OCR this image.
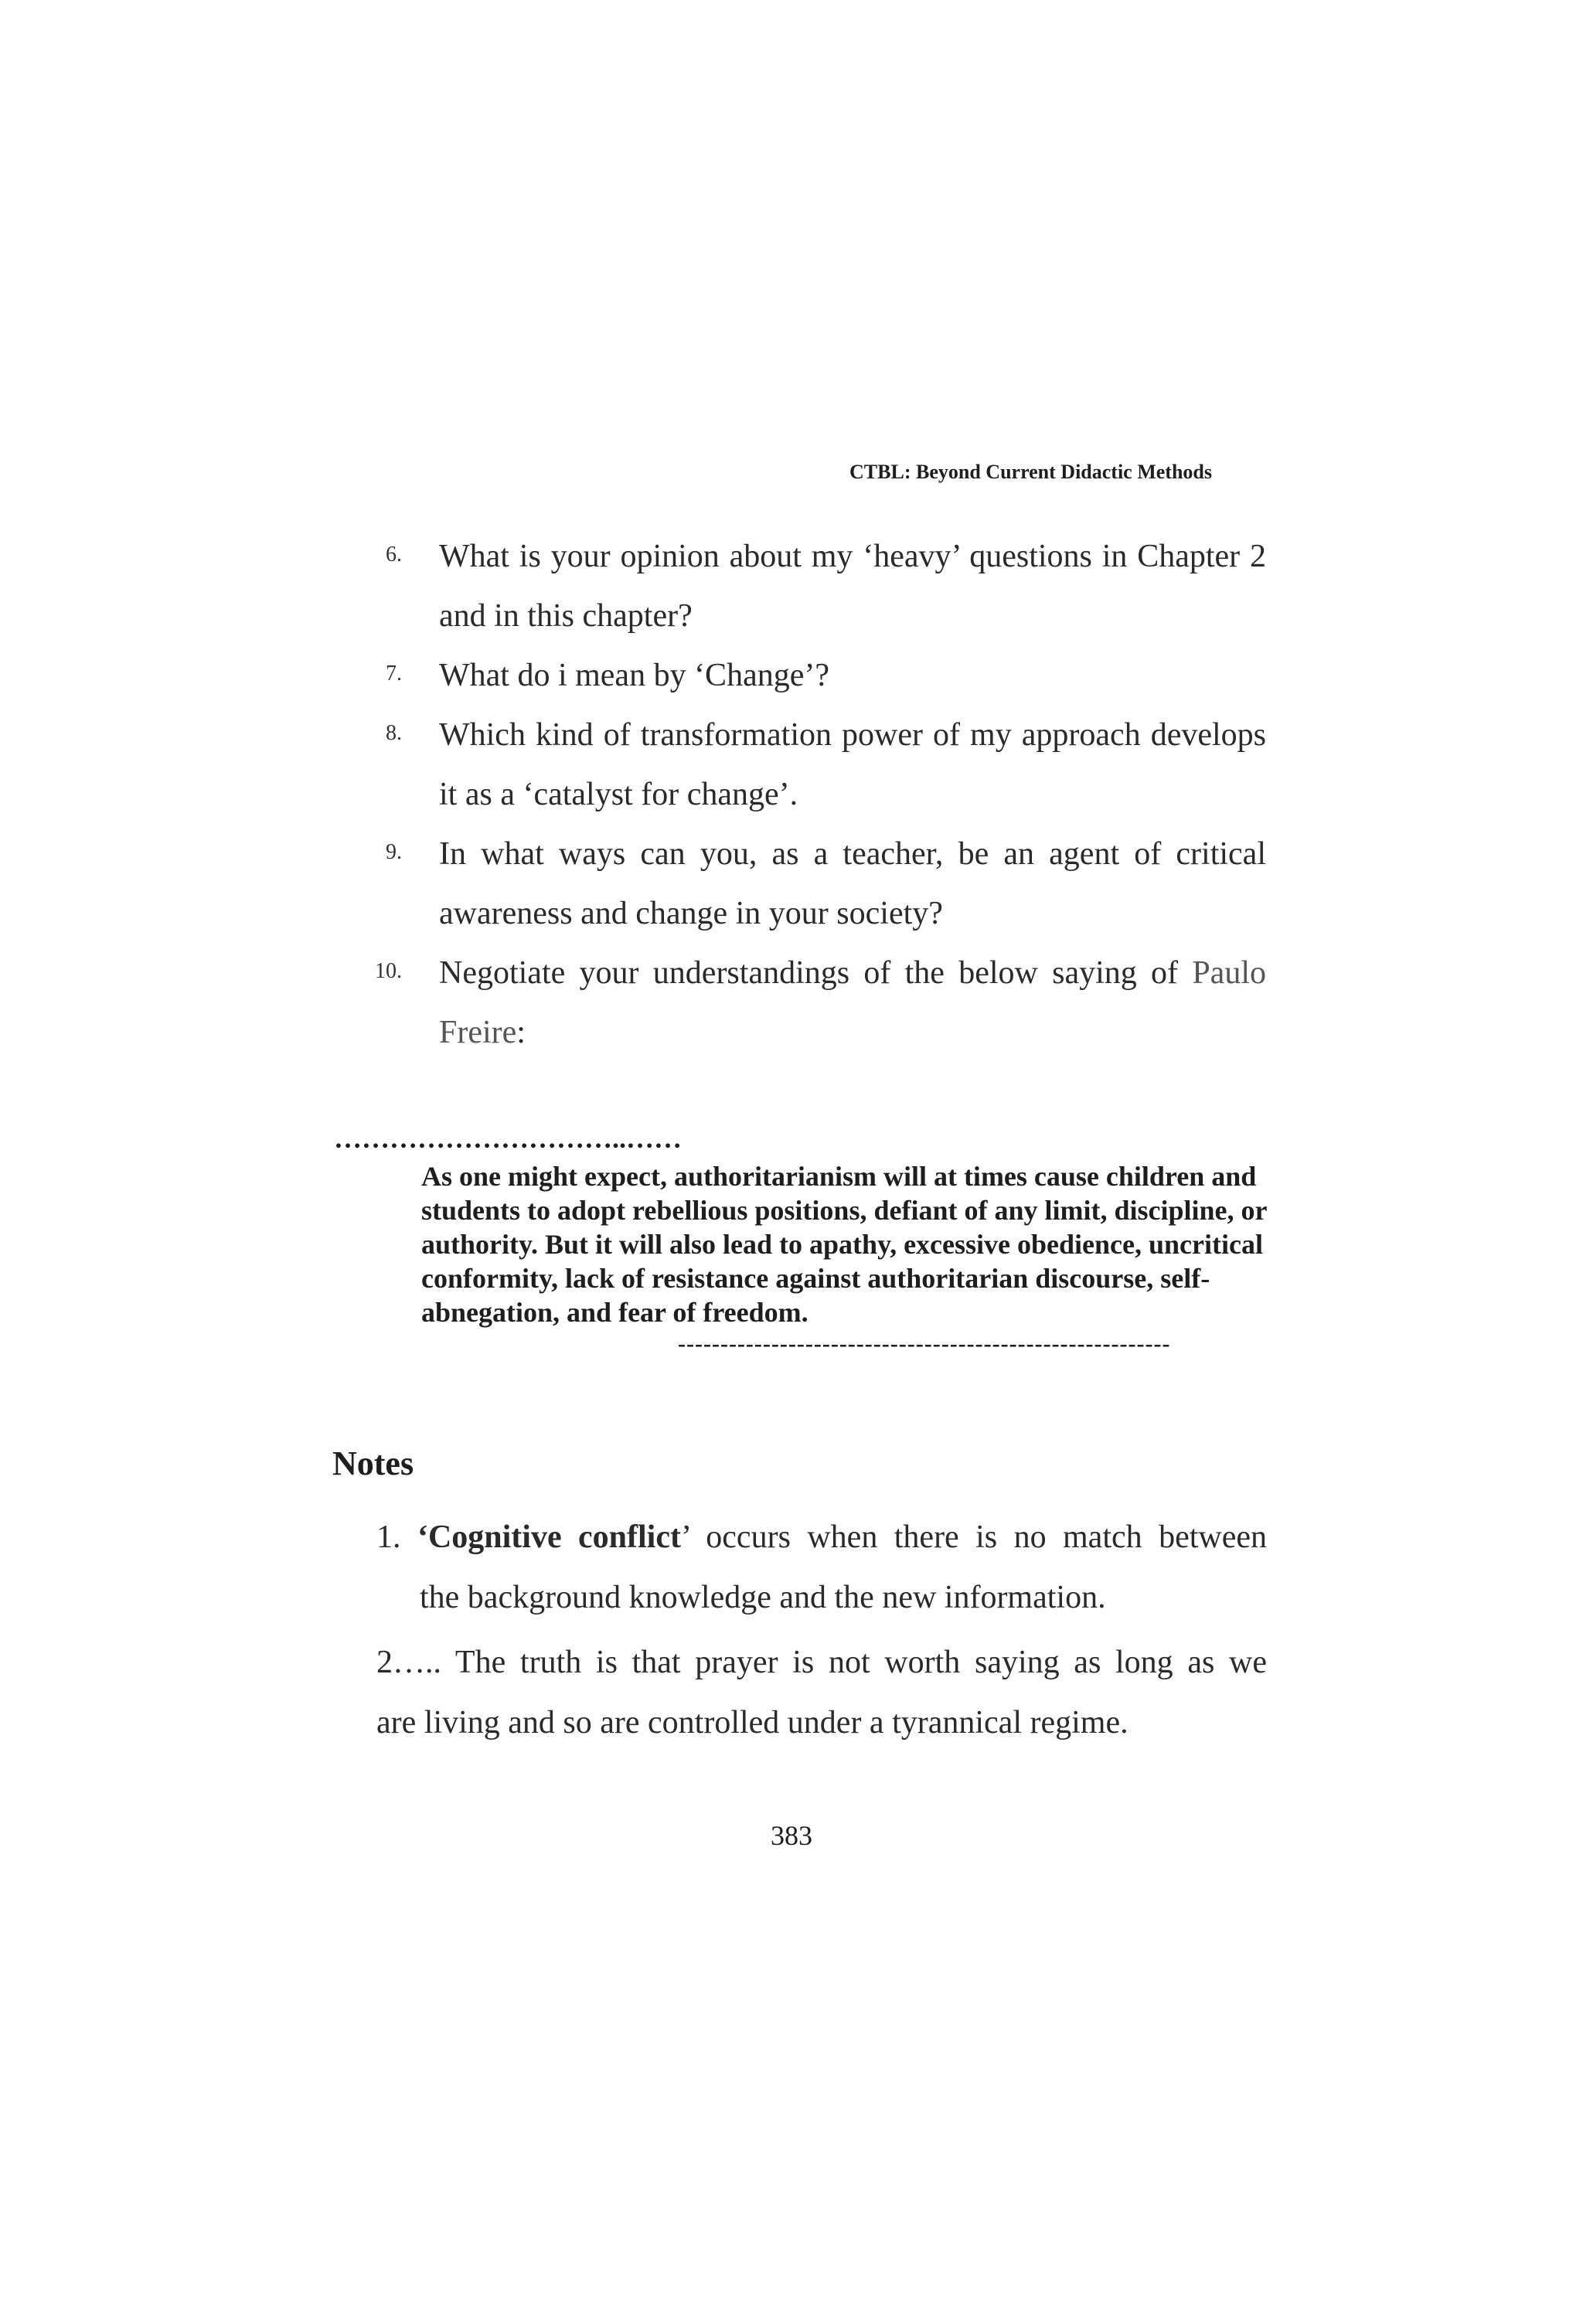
CTBL: Beyond Current Didactic Methods
6. What is your opinion about my ‘heavy’ questions in Chapter 2 and in this chapter?
7. What do i mean by ‘Change’?
8. Which kind of transformation power of my approach develops it as a ‘catalyst for change’.
9. In what ways can you, as a teacher, be an agent of critical awareness and change in your society?
10. Negotiate your understandings of the below saying of Paulo Freire:
…………………………..……
As one might expect, authoritarianism will at times cause children and students to adopt rebellious positions, defiant of any limit, discipline, or authority. But it will also lead to apathy, excessive obedience, uncritical conformity, lack of resistance against authoritarian discourse, self-abnegation, and fear of freedom.
----------------------------------------------------------
Notes
1. ‘Cognitive conflict’ occurs when there is no match between
the background knowledge and the new information.
2….. The truth is that prayer is not worth saying as long as we
are living and so are controlled under a tyrannical regime.
383
